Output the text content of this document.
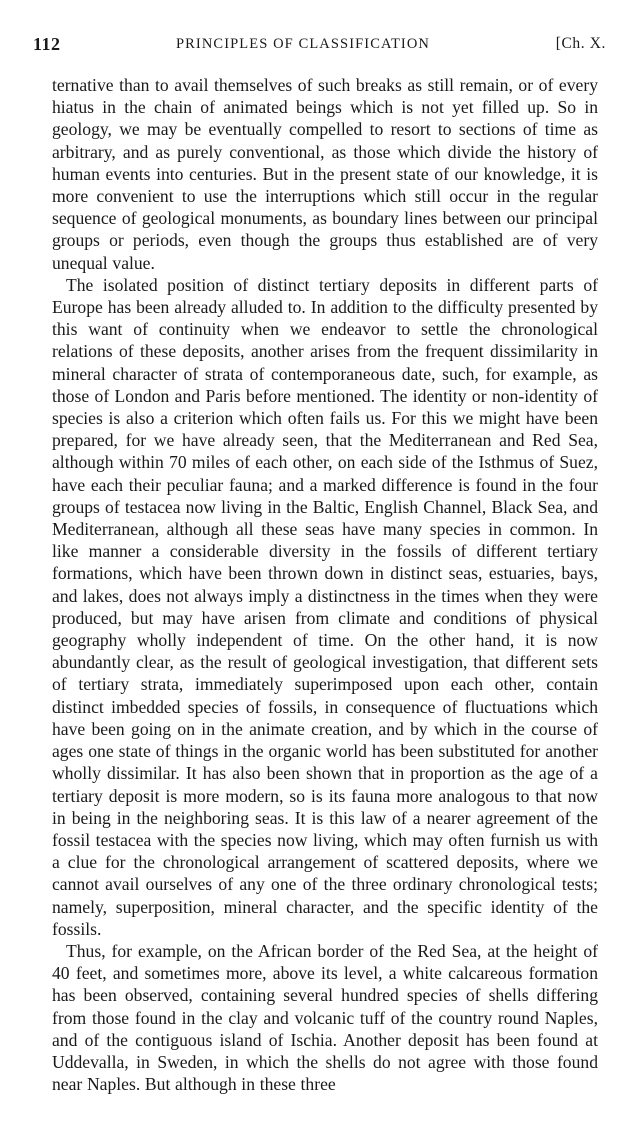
112	PRINCIPLES OF CLASSIFICATION	[Ch. X.

ternative than to avail themselves of such breaks as still remain, or of every hiatus in the chain of animated beings which is not yet filled up. So in geology, we may be eventually compelled to resort to sections of time as arbitrary, and as purely conventional, as those which divide the history of human events into centuries. But in the present state of our knowledge, it is more convenient to use the interruptions which still occur in the regular sequence of geological monuments, as boundary lines between our principal groups or periods, even though the groups thus established are of very unequal value.

The isolated position of distinct tertiary deposits in different parts of Europe has been already alluded to. In addition to the difficulty presented by this want of continuity when we endeavor to settle the chronological relations of these deposits, another arises from the frequent dissimilarity in mineral character of strata of contemporaneous date, such, for example, as those of London and Paris before mentioned. The identity or non-identity of species is also a criterion which often fails us. For this we might have been prepared, for we have already seen, that the Mediterranean and Red Sea, although within 70 miles of each other, on each side of the Isthmus of Suez, have each their peculiar fauna; and a marked difference is found in the four groups of testacea now living in the Baltic, English Channel, Black Sea, and Mediterranean, although all these seas have many species in common. In like manner a considerable diversity in the fossils of different tertiary formations, which have been thrown down in distinct seas, estuaries, bays, and lakes, does not always imply a distinctness in the times when they were produced, but may have arisen from climate and conditions of physical geography wholly independent of time. On the other hand, it is now abundantly clear, as the result of geological investigation, that different sets of tertiary strata, immediately superimposed upon each other, contain distinct imbedded species of fossils, in consequence of fluctuations which have been going on in the animate creation, and by which in the course of ages one state of things in the organic world has been substituted for another wholly dissimilar. It has also been shown that in proportion as the age of a tertiary deposit is more modern, so is its fauna more analogous to that now in being in the neighboring seas. It is this law of a nearer agreement of the fossil testacea with the species now living, which may often furnish us with a clue for the chronological arrangement of scattered deposits, where we cannot avail ourselves of any one of the three ordinary chronological tests; namely, superposition, mineral character, and the specific identity of the fossils.

Thus, for example, on the African border of the Red Sea, at the height of 40 feet, and sometimes more, above its level, a white calcareous formation has been observed, containing several hundred species of shells differing from those found in the clay and volcanic tuff of the country round Naples, and of the contiguous island of Ischia. Another deposit has been found at Uddevalla, in Sweden, in which the shells do not agree with those found near Naples. But although in these three
